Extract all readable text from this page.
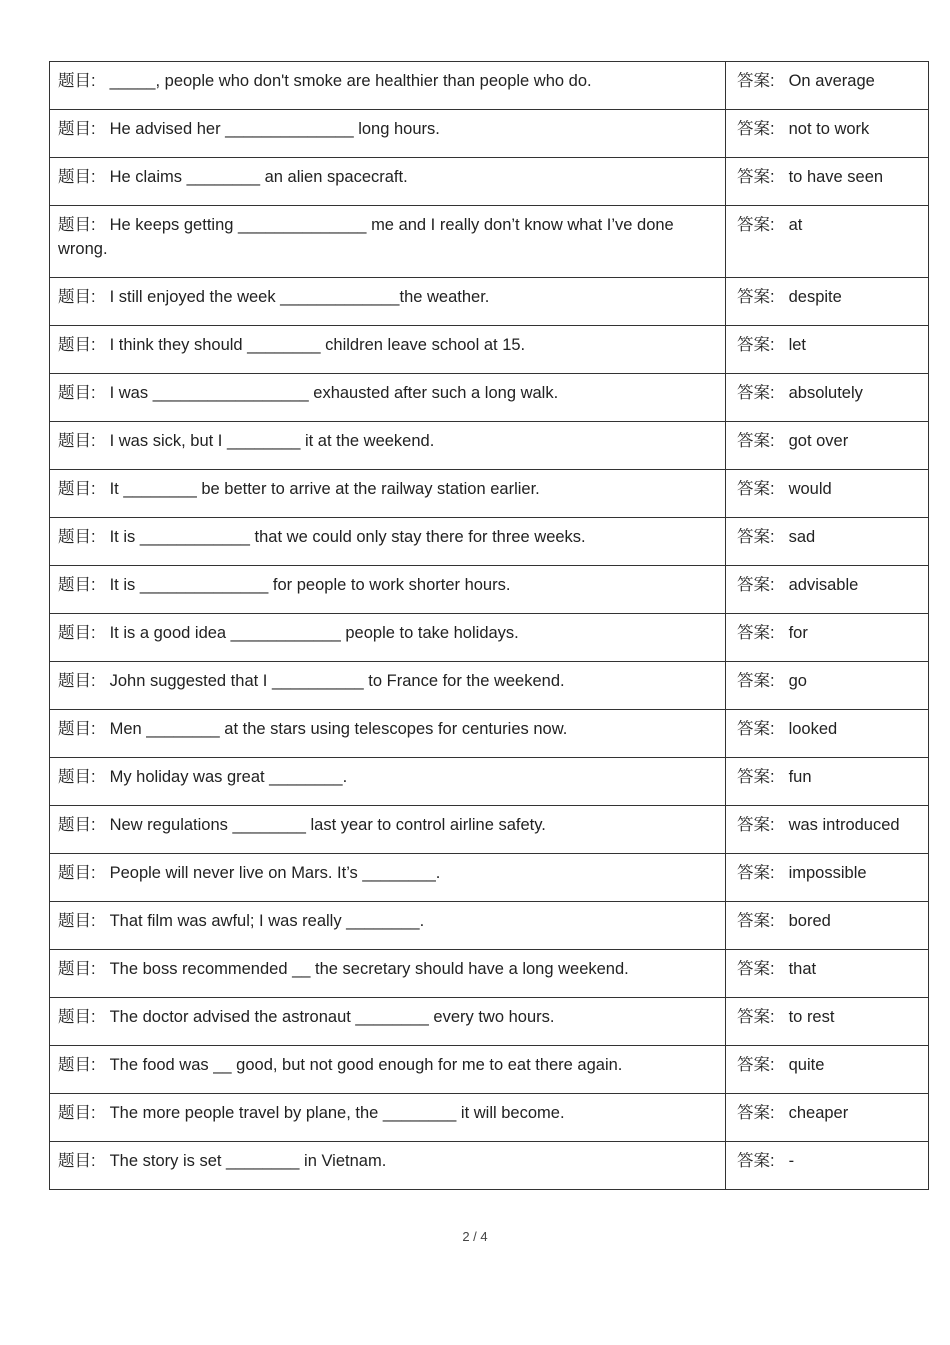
题目: _____, people who don't smoke are healthier than people who do.	答案: On average
题目: He advised her ______________ long hours.	答案: not to work
题目: He claims ________ an alien spacecraft.	答案: to have seen
题目: He keeps getting ______________ me and I really don’t know what I’ve done wrong.	答案: at
题目: I still enjoyed the week _____________the weather.	答案: despite
题目: I think they should ________ children leave school at 15.	答案: let
题目: I was _________________ exhausted after such a long walk.	答案: absolutely
题目: I was sick, but I ________ it at the weekend.	答案: got over
题目: It ________ be better to arrive at the railway station earlier.	答案: would
题目: It is ____________ that we could only stay there for three weeks.	答案: sad
题目: It is ______________ for people to work shorter hours.	答案: advisable
题目: It is a good idea ____________ people to take holidays.	答案: for
题目: John suggested that I __________ to France for the weekend.	答案: go
题目: Men ________ at the stars using telescopes for centuries now.	答案: looked
题目: My holiday was great ________.	答案: fun
题目: New regulations ________ last year to control airline safety.	答案: was introduced
题目: People will never live on Mars. It’s ________.	答案: impossible
题目: That film was awful; I was really ________.	答案: bored
题目: The boss recommended __ the secretary should have a long weekend.	答案: that
题目: The doctor advised the astronaut ________ every two hours.	答案: to rest
题目: The food was __ good, but not good enough for me to eat there again.	答案: quite
题目: The more people travel by plane, the ________ it will become.	答案: cheaper
题目: The story is set ________ in Vietnam.	答案: -
2 / 4
